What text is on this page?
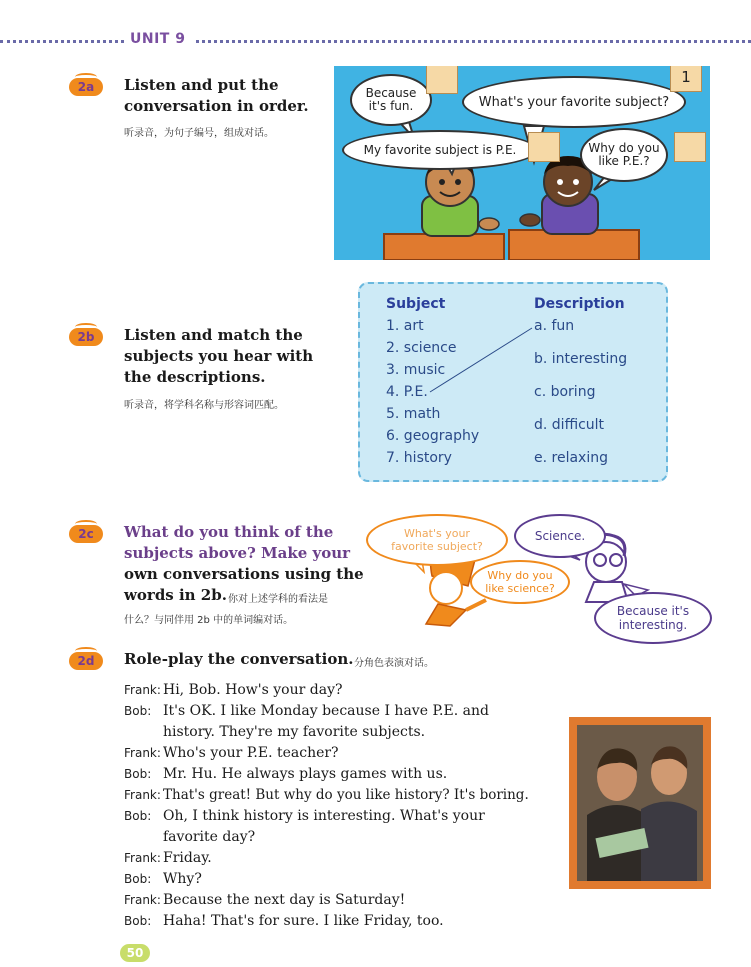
UNIT 9
2a	Listen and put the
conversation in order.
听录音，为句子编号，组成对话。
Because
it's fun.	What's your favorite subject?
1
My favorite subject is P.E.	Why do you
like P.E.?
2b	Listen and match the
subjects you hear with
the descriptions.
听录音，将学科名称与形容词匹配。
Subject	Description
1. art
2. science
3. music
4. P.E.
5. math
6. geography
7. history
a. fun
b. interesting
c. boring
d. difficult
e. relaxing
2c	What do you think of the
subjects above? Make your
own conversations using the
words in 2b. 你对上述学科的看法是
什么？与同伴用 2b 中的单词编对话。
What's your
favorite subject?
Science.
Why do you
like science?
Because it's
interesting.
2d	Role-play the conversation. 分角色表演对话。
Frank: Hi, Bob. How's your day?
Bob: It's OK. I like Monday because I have P.E. and
history. They're my favorite subjects.
Frank: Who's your P.E. teacher?
Bob: Mr. Hu. He always plays games with us.
Frank: That's great! But why do you like history? It's boring.
Bob: Oh, I think history is interesting. What's your
favorite day?
Frank: Friday.
Bob: Why?
Frank: Because the next day is Saturday!
Bob: Haha! That's for sure. I like Friday, too.
50
